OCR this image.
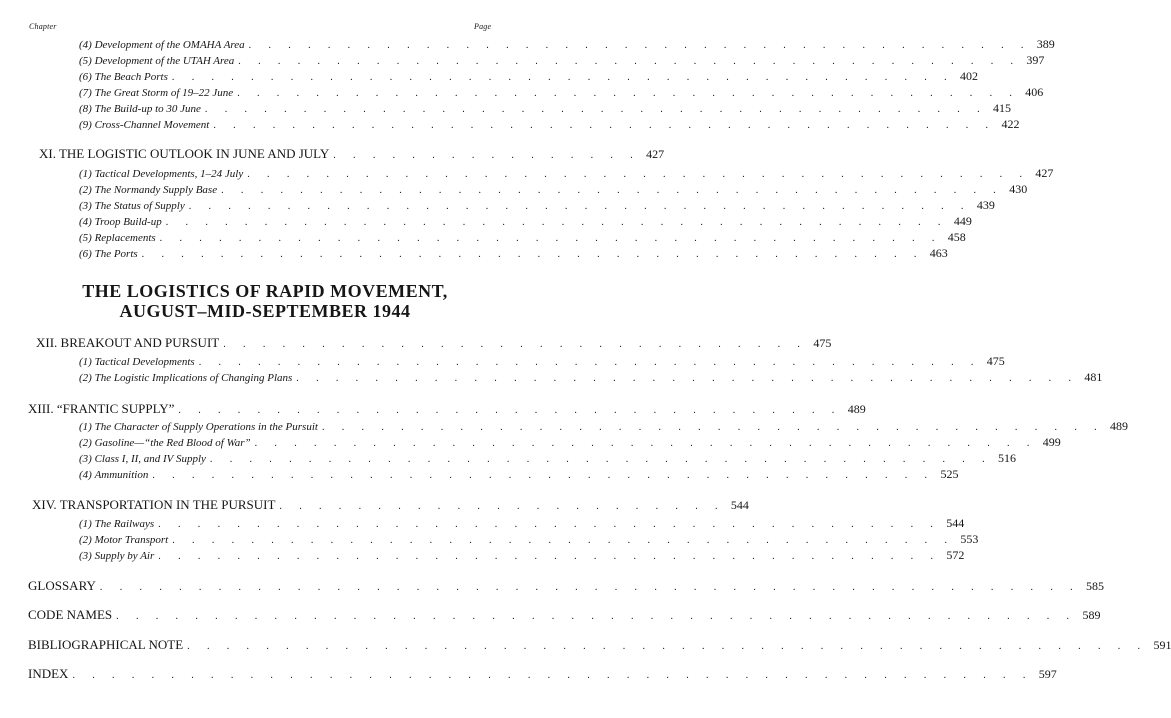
Chapter	Page
(4)
Development of the OMAHA Area . . . . . . . . . . . . . . . . . . . . . . . . . . . . . . . . . . . . . . . . 389
(5)
Development of the UTAH Area . . . . . . . . . . . . . . . . . . . . . . . . . . . . . . . . . . . . . . . . 397
(6)
The Beach Ports . . . . . . . . . . . . . . . . . . . . . . . . . . . . . . . . . . . . . . . . 402
(7)
The Great Storm of 19–22 June . . . . . . . . . . . . . . . . . . . . . . . . . . . . . . . . . . . . . . . . 406
(8)
The Build-up to 30 June . . . . . . . . . . . . . . . . . . . . . . . . . . . . . . . . . . . . . . . . 415
(9)
Cross-Channel Movement . . . . . . . . . . . . . . . . . . . . . . . . . . . . . . . . . . . . . . . . 422
XI. THE LOGISTIC OUTLOOK IN JUNE AND JULY . . . . . . . . . . . . . . . . 427
(1)
Tactical Developments, 1–24 July . . . . . . . . . . . . . . . . . . . . . . . . . . . . . . . . . . . . . . . . 427
(2)
The Normandy Supply Base . . . . . . . . . . . . . . . . . . . . . . . . . . . . . . . . . . . . . . . . 430
(3)
The Status of Supply . . . . . . . . . . . . . . . . . . . . . . . . . . . . . . . . . . . . . . . . 439
(4)
Troop Build-up . . . . . . . . . . . . . . . . . . . . . . . . . . . . . . . . . . . . . . . . 449
(5)
Replacements . . . . . . . . . . . . . . . . . . . . . . . . . . . . . . . . . . . . . . . . 458
(6)
The Ports . . . . . . . . . . . . . . . . . . . . . . . . . . . . . . . . . . . . . . . . 463
THE LOGISTICS OF RAPID MOVEMENT,
AUGUST–MID-SEPTEMBER 1944
XII. BREAKOUT AND PURSUIT . . . . . . . . . . . . . . . . . . . . . . . . . . . . . . 475
(1)
Tactical Developments . . . . . . . . . . . . . . . . . . . . . . . . . . . . . . . . . . . . . . . . 475
(2)
The Logistic Implications of Changing Plans . . . . . . . . . . . . . . . . . . . . . . . . . . . . . . . . . . . . . . . . 481
XIII. “FRANTIC SUPPLY” . . . . . . . . . . . . . . . . . . . . . . . . . . . . . . . . . . 489
(1)
The Character of Supply Operations in the Pursuit . . . . . . . . . . . . . . . . . . . . . . . . . . . . . . . . . . . . . . . . 489
(2)
Gasoline—“the Red Blood of War” . . . . . . . . . . . . . . . . . . . . . . . . . . . . . . . . . . . . . . . . 499
(3)
Class I, II, and IV Supply . . . . . . . . . . . . . . . . . . . . . . . . . . . . . . . . . . . . . . . . 516
(4)
Ammunition . . . . . . . . . . . . . . . . . . . . . . . . . . . . . . . . . . . . . . . . 525
XIV. TRANSPORTATION IN THE PURSUIT . . . . . . . . . . . . . . . . . . . . . . . 544
(1)
The Railways . . . . . . . . . . . . . . . . . . . . . . . . . . . . . . . . . . . . . . . . 544
(2)
Motor Transport . . . . . . . . . . . . . . . . . . . . . . . . . . . . . . . . . . . . . . . . 553
(3)
Supply by Air . . . . . . . . . . . . . . . . . . . . . . . . . . . . . . . . . . . . . . . . 572
GLOSSARY . . . . . . . . . . . . . . . . . . . . . . . . . . . . . . . . . . . . . . . . . . . . . . . . . . 585
CODE NAMES . . . . . . . . . . . . . . . . . . . . . . . . . . . . . . . . . . . . . . . . . . . . . . . . . 589
BIBLIOGRAPHICAL NOTE . . . . . . . . . . . . . . . . . . . . . . . . . . . . . . . . . . . . . . . . . . . . . . . . . 591
INDEX . . . . . . . . . . . . . . . . . . . . . . . . . . . . . . . . . . . . . . . . . . . . . . . . . 597
